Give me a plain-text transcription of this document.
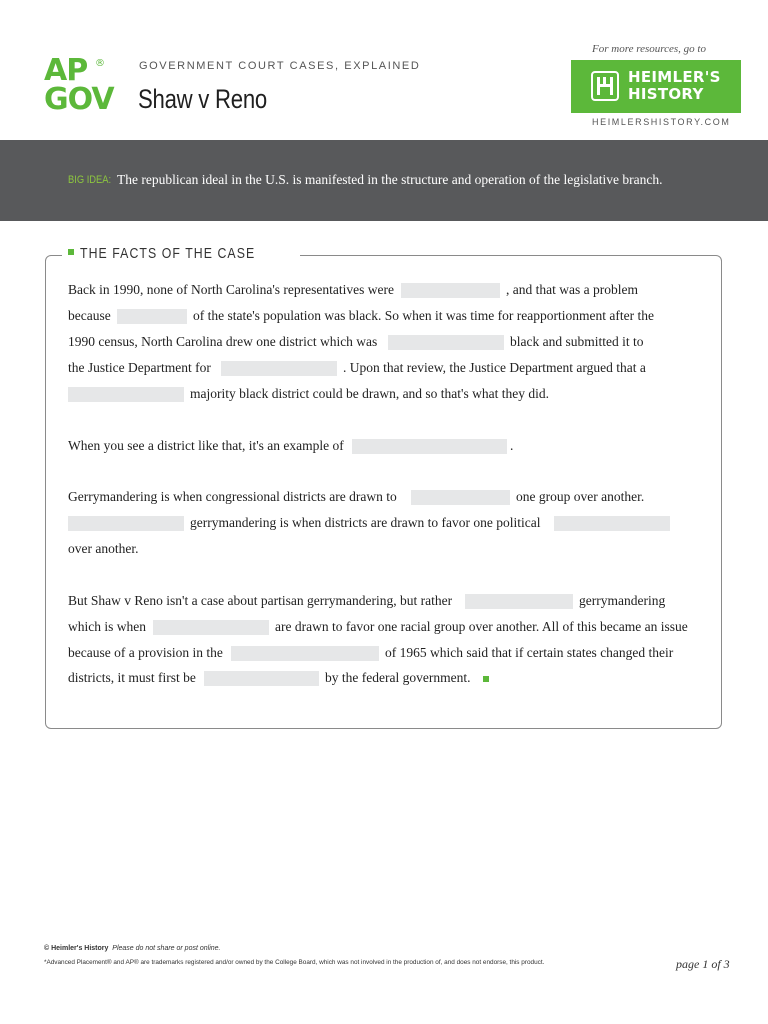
AP ®
GOV
GOVERNMENT COURT CASES, EXPLAINED
Shaw v Reno
For more resources, go to
HEIMLER'S
HISTORY
HEIMLERSHISTORY.COM
BIG IDEA: The republican ideal in the U.S. is manifested in the structure and operation of the legislative branch.
THE FACTS OF THE CASE
Back in 1990, none of North Carolina's representatives were	, and that was a problem
because	of the state's population was black. So when it was time for reapportionment after the
1990 census, North Carolina drew one district which was	black and submitted it to
the Justice Department for	. Upon that review, the Justice Department argued that a
majority black district could be drawn, and so that's what they did.
When you see a district like that, it's an example of	.
Gerrymandering is when congressional districts are drawn to	one group over another.
gerrymandering is when districts are drawn to favor one political
over another.
But Shaw v Reno isn't a case about partisan gerrymandering, but rather	gerrymandering
which is when	are drawn to favor one racial group over another. All of this became an issue
because of a provision in the	of 1965 which said that if certain states changed their
districts, it must first be	by the federal government.
© Heimler's History Please do not share or post online.
*Advanced Placement® and AP® are trademarks registered and/or owned by the College Board, which was not involved in the production of, and does not endorse, this product.	page 1 of 3
